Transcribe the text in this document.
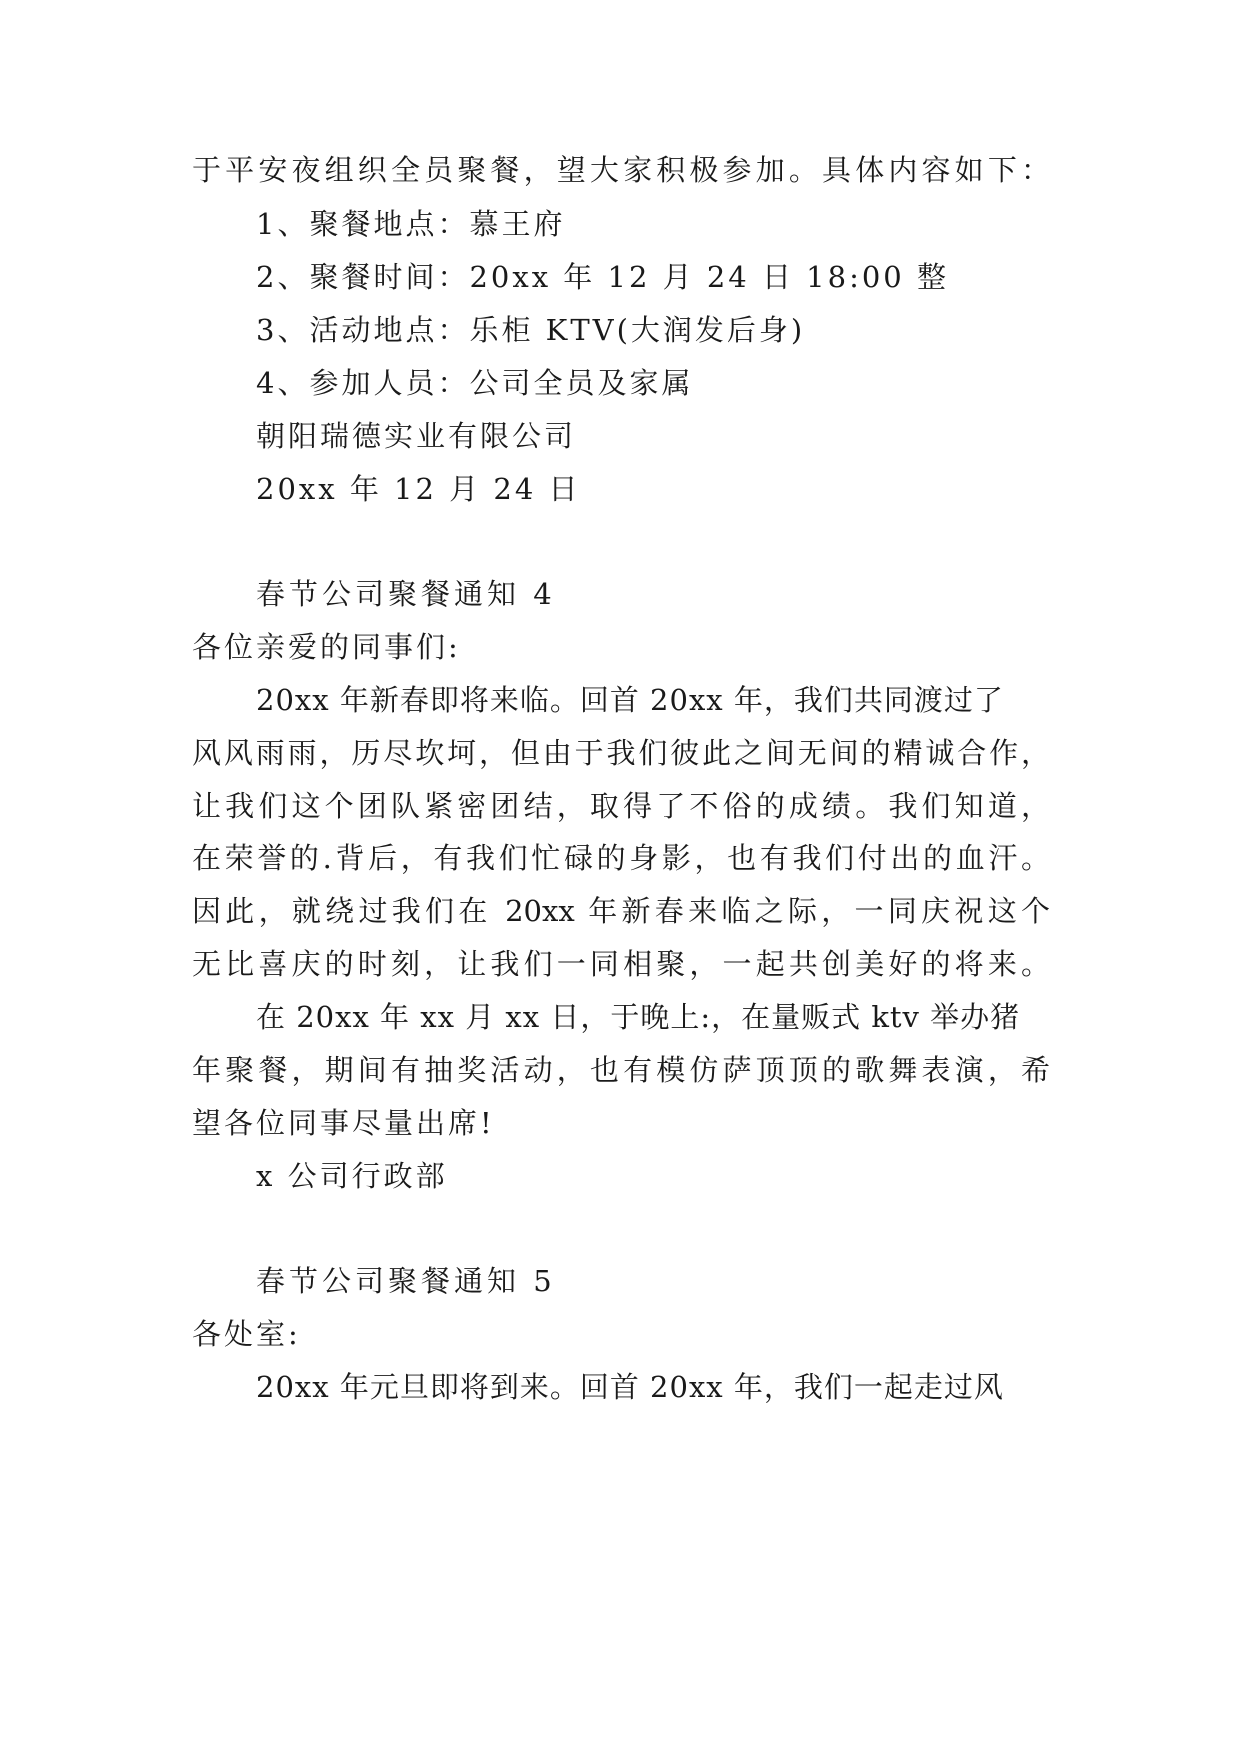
于平安夜组织全员聚餐，望大家积极参加。具体内容如下：
1、聚餐地点：慕王府
2、聚餐时间：20xx 年 12 月 24 日 18:00 整
3、活动地点：乐柜 KTV(大润发后身)
4、参加人员：公司全员及家属
朝阳瑞德实业有限公司
20xx 年 12 月 24 日
春节公司聚餐通知 4
各位亲爱的同事们:
20xx 年新春即将来临。回首 20xx 年，我们共同渡过了
风风雨雨，历尽坎坷，但由于我们彼此之间无间的精诚合作，
让我们这个团队紧密团结，取得了不俗的成绩。我们知道，
在荣誉的.背后，有我们忙碌的身影，也有我们付出的血汗。
因此，就绕过我们在 20xx 年新春来临之际，一同庆祝这个
无比喜庆的时刻，让我们一同相聚，一起共创美好的将来。
在 20xx 年 xx 月 xx 日，于晚上:，在量贩式 ktv 举办猪
年聚餐，期间有抽奖活动，也有模仿萨顶顶的歌舞表演，希
望各位同事尽量出席!
x 公司行政部
春节公司聚餐通知 5
各处室:
20xx 年元旦即将到来。回首 20xx 年，我们一起走过风
